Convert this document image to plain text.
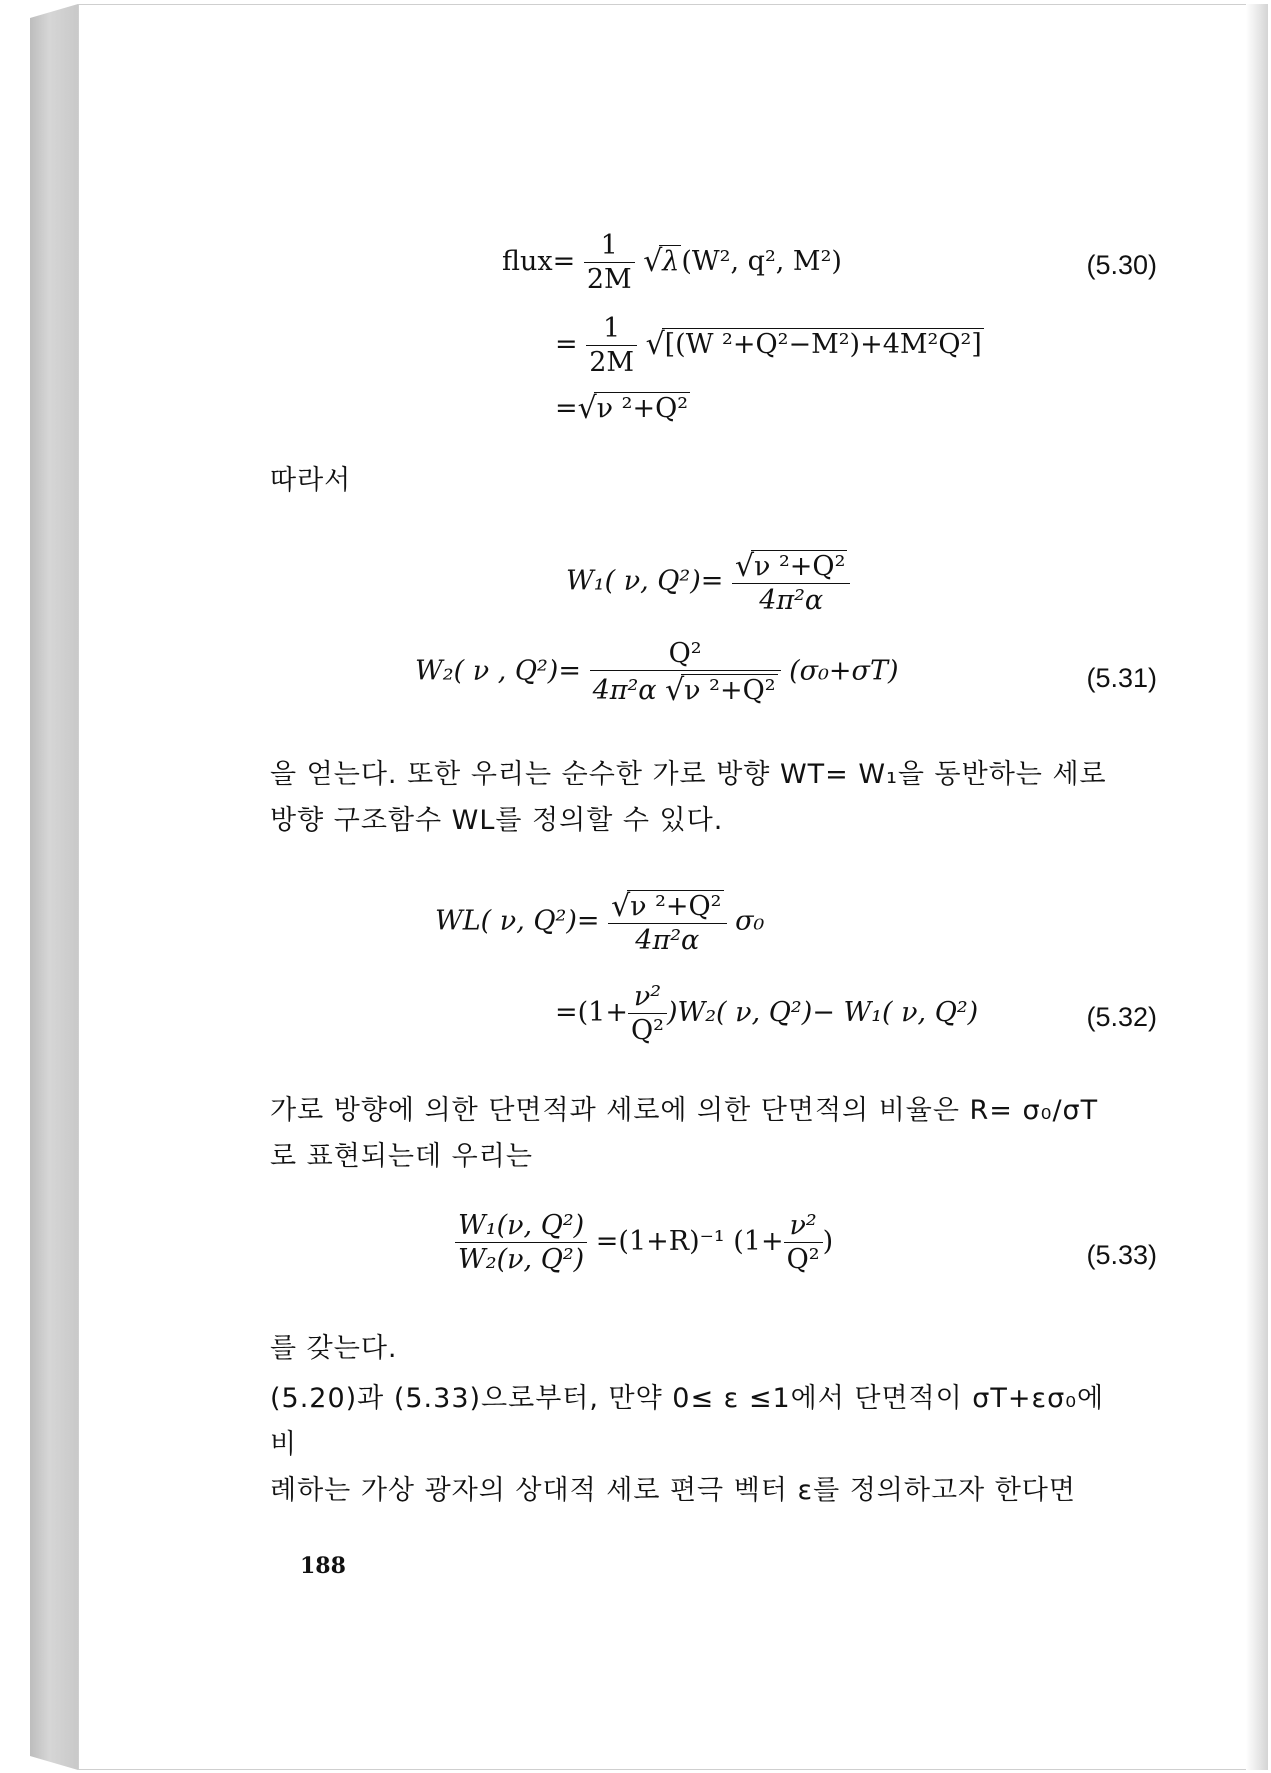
flux= $\frac{1}{2M}$ √ λ(W², q², M²)	(5.30)
= $\frac{1}{2M}$ √ [(W ²+Q²−M²)+4M²Q²]
= √ ν ²+Q²
따라서
W₁( ν, Q²)= √ $\frac{\text{ν ²+Q²}}{\text{4π²α}}$
W₂( ν , $Q^2)= \frac{\text{Q²}}{\text{4π²α √ ν ²+Q²}} (\sigma_0+\sigma T)$	(5.31)
을 얻는다. 또한 우리는 순수한 가로 방향 WT= W₁을 동반하는 세로
방향 구조함수 WL를 정의할 수 있다.
WL( ν, Q²)= √ $\frac{\text{ν ²+Q²}}{\text{4π²α}} \sigma_0$
$=(1+ \frac{\text{ν²}}{\text{Q²}} )W_2$( ν, Q²)− W₁( ν, Q²)	(5.32)
가로 방향에 의한 단면적과 세로에 의한 단면적의 비율은 R= σ₀/σT
로 표현되는데 우리는
$\frac{\text{W₁(ν, Q²)}}{\text{W₂(ν, Q²)}} =(1+R)^{-1}$ ($1+ \frac{\text{ν²}}{\text{Q²}}$ )	(5.33)
를 갖는다.
(5.20)과 (5.33)으로부터, 만약 0≤ ε ≤1에서 단면적이 σT+εσ₀에 비
례하는 가상 광자의 상대적 세로 편극 벡터 ε를 정의하고자 한다면
188
